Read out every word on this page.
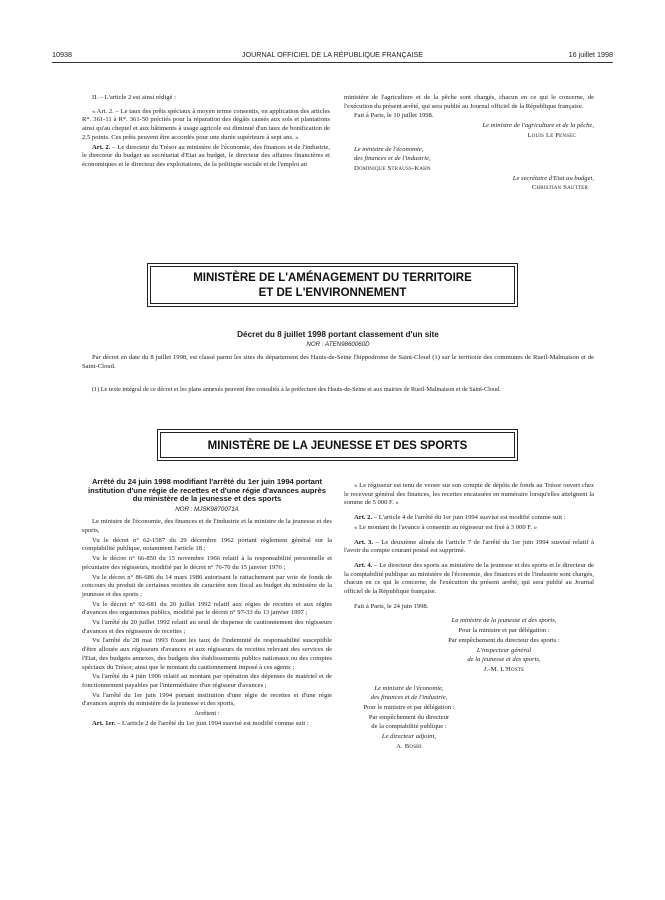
10938	JOURNAL OFFICIEL DE LA RÉPUBLIQUE FRANÇAISE	16 juillet 1998

II. – L'article 2 est ainsi rédigé :

« Art. 2. – Le taux des prêts spéciaux à moyen terme consentis, en application des articles R*. 361-11 à R*. 361-50 précités pour la réparation des dégâts causés aux sols et plantations ainsi qu'au cheptel et aux bâtiments à usage agricole est diminué d'un taux de bonification de 2,5 points. Ces prêts peuvent être accordés pour une durée supérieure à sept ans. »

Art. 2. – Le directeur du Trésor au ministère de l'économie, des finances et de l'industrie, le directeur du budget au secrétariat d'Etat au budget, le directeur des affaires financières et économiques et le directeur des exploitations, de la politique sociale et de l'emploi au

ministère de l'agriculture et de la pêche sont chargés, chacun en ce qui le concerne, de l'exécution du présent arrêté, qui sera publié au Journal officiel de la République française.

Fait à Paris, le 10 juillet 1998.

Le ministre de l'agriculture et de la pêche,

Louis Le Pensec

Le ministre de l'économie,

des finances et de l'industrie,

Dominique Strauss-Kahn

Le secrétaire d'Etat au budget,

Christian Sautter

MINISTÈRE DE L'AMÉNAGEMENT DU TERRITOIRE
ET DE L'ENVIRONNEMENT
Décret du 8 juillet 1998 portant classement d'un site
NOR : ATEN9860060D
Par décret en date du 8 juillet 1998, est classé parmi les sites du département des Hauts-de-Seine l'hippodrome de Saint-Cloud (1) sur le territoire des communes de Rueil-Malmaison et de Saint-Cloud.
(1) Le texte intégral de ce décret et les plans annexés peuvent être consultés à la préfecture des Hauts-de-Seine et aux mairies de Rueil-Malmaison et de Saint-Cloud.
MINISTÈRE DE LA JEUNESSE ET DES SPORTS

Arrêté du 24 juin 1998 modifiant l'arrêté du 1er juin 1994 portant institution d'une régie de recettes et d'une régie d'avances auprès du ministère de la jeunesse et des sports

NOR : MJSK9870071A

Le ministre de l'économie, des finances et de l'industrie et la ministre de la jeunesse et des sports,

Vu le décret n° 62-1587 du 29 décembre 1962 portant règlement général sur la comptabilité publique, notamment l'article 18 ;

Vu le décret n° 66-850 du 15 novembre 1966 relatif à la responsabilité personnelle et pécuniaire des régisseurs, modifié par le décret n° 76-70 du 15 janvier 1976 ;

Vu le décret n° 86-686 du 14 mars 1986 autorisant le rattachement par voie de fonds de concours du produit de certaines recettes de caractère non fiscal au budget du ministère de la jeunesse et des sports ;

Vu le décret n° 92-681 du 20 juillet 1992 relatif aux régies de recettes et aux régies d'avances des organismes publics, modifié par le décret n° 97-33 du 13 janvier 1997 ;

Vu l'arrêté du 20 juillet 1992 relatif au seuil de dispense de cautionnement des régisseurs d'avances et des régisseurs de recettes ;

Vu l'arrêté du 28 mai 1993 fixant les taux de l'indemnité de responsabilité susceptible d'être allouée aux régisseurs d'avances et aux régisseurs de recettes relevant des services de l'Etat, des budgets annexes, des budgets des établissements publics nationaux ou des comptes spéciaux du Trésor, ainsi que le montant du cautionnement imposé à ces agents ;

Vu l'arrêté du 4 juin 1996 relatif au montant par opération des dépenses de matériel et de fonctionnement payables par l'intermédiaire d'un régisseur d'avances ;

Vu l'arrêté du 1er juin 1994 portant institution d'une régie de recettes et d'une régie d'avances auprès du ministère de la jeunesse et des sports,

Arrêtent :

Art. 1er. – L'article 2 de l'arrêté du 1er juin 1994 susvisé est modifié comme suit :

« Le régisseur est tenu de verser sur son compte de dépôts de fonds au Trésor ouvert chez le receveur général des finances, les recettes encaissées en numéraire lorsqu'elles atteignent la somme de 5 000 F. »

Art. 2. – L'article 4 de l'arrêté du 1er juin 1994 susvisé est modifié comme suit :

« Le montant de l'avance à consentir au régisseur est fixé à 3 000 F. »

Art. 3. – Le deuxième alinéa de l'article 7 de l'arrêté du 1er juin 1994 susvisé relatif à l'avoir du compte courant postal est supprimé.

Art. 4. – Le directeur des sports au ministère de la jeunesse et des sports et le directeur de la comptabilité publique au ministère de l'économie, des finances et de l'industrie sont chargés, chacun en ce qui le concerne, de l'exécution du présent arrêté, qui sera publié au Journal officiel de la République française.

Fait à Paris, le 24 juin 1998.

La ministre de la jeunesse et des sports,

Pour la ministre et par délégation :

Par empêchement du directeur des sports :

L'inspecteur général

de la jeunesse et des sports,

J.-M. L'Hoste

Le ministre de l'économie,

des finances et de l'industrie,

Pour le ministre et par délégation :

Par empêchement du directeur

de la comptabilité publique :

Le directeur adjoint,

A. Boshi
